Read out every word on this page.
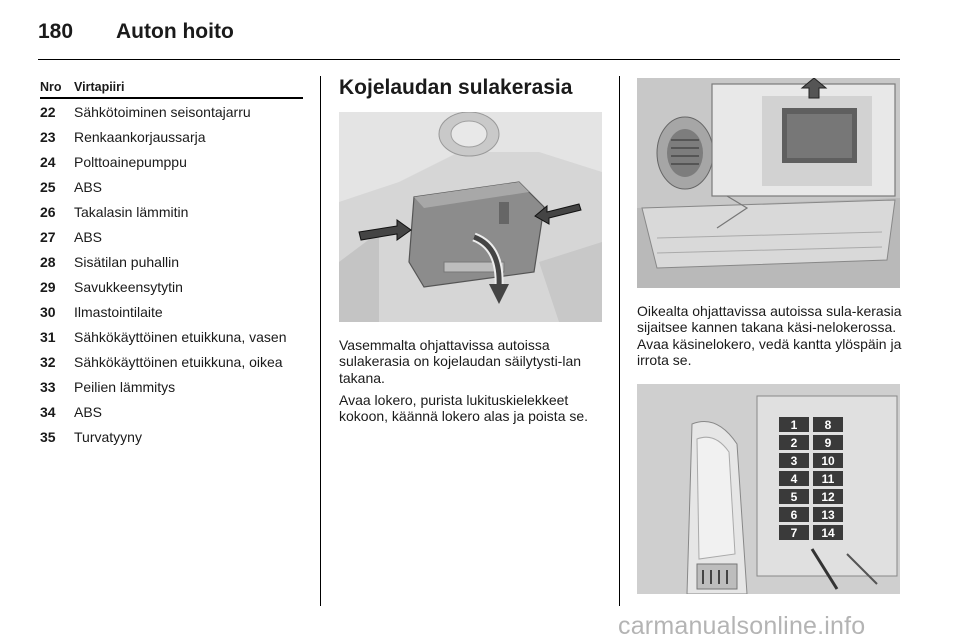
180 Auton hoito
Nro Virtapiiri
22 Sähkötoiminen seisontajarru
23 Renkaankorjaussarja
24 Polttoainepumppu
25 ABS
26 Takalasin lämmitin
27 ABS
28 Sisätilan puhallin
29 Savukkeensytytin
30 Ilmastointilaite
31 Sähkökäyttöinen etuikkuna, vasen
32 Sähkökäyttöinen etuikkuna, oikea
33 Peilien lämmitys
34 ABS
35 Turvatyyny
Kojelaudan sulakerasia

Vasemmalta ohjattavissa autoissa sulakerasia on kojelaudan säilytysti-lan takana.

Avaa lokero, purista lukituskielekkeet kokoon, käännä lokero alas ja poista se.

Oikealta ohjattavissa autoissa sula-kerasia sijaitsee kannen takana käsi-nelokerossa. Avaa käsinelokero, vedä kantta ylöspäin ja irrota se.

1
2
3
4
5
6
7
8
9
10
11
12
13
14
carmanualsonline.info
